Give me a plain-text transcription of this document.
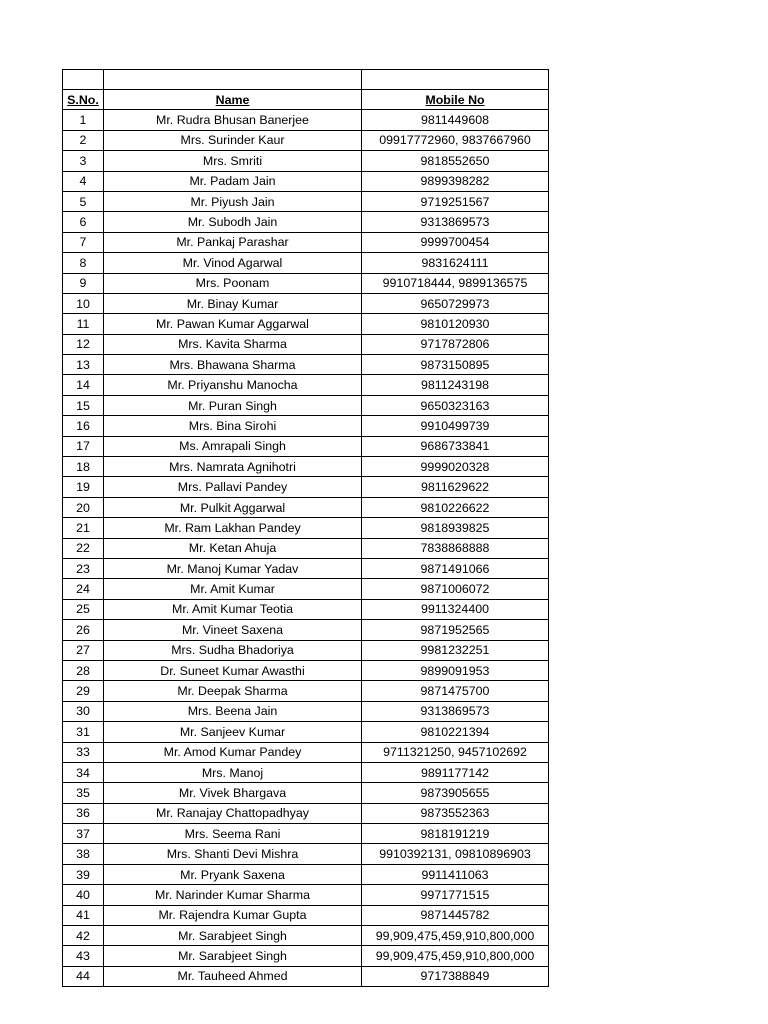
S.No.	Name	Mobile No
1	Mr. Rudra Bhusan Banerjee	9811449608
2	Mrs. Surinder Kaur	09917772960, 9837667960
3	Mrs. Smriti	9818552650
4	Mr. Padam Jain	9899398282
5	Mr. Piyush Jain	9719251567
6	Mr. Subodh Jain	9313869573
7	Mr. Pankaj Parashar	9999700454
8	Mr. Vinod Agarwal	9831624111
9	Mrs. Poonam	9910718444, 9899136575
10	Mr. Binay Kumar	9650729973
11	Mr. Pawan Kumar Aggarwal	9810120930
12	Mrs. Kavita Sharma	9717872806
13	Mrs. Bhawana Sharma	9873150895
14	Mr. Priyanshu Manocha	9811243198
15	Mr. Puran Singh	9650323163
16	Mrs. Bina Sirohi	9910499739
17	Ms. Amrapali Singh	9686733841
18	Mrs. Namrata Agnihotri	9999020328
19	Mrs. Pallavi Pandey	9811629622
20	Mr. Pulkit Aggarwal	9810226622
21	Mr. Ram Lakhan Pandey	9818939825
22	Mr. Ketan Ahuja	7838868888
23	Mr. Manoj Kumar Yadav	9871491066
24	Mr. Amit Kumar	9871006072
25	Mr. Amit Kumar Teotia	9911324400
26	Mr. Vineet Saxena	9871952565
27	Mrs. Sudha Bhadoriya	9981232251
28	Dr. Suneet Kumar Awasthi	9899091953
29	Mr. Deepak Sharma	9871475700
30	Mrs. Beena Jain	9313869573
31	Mr. Sanjeev Kumar	9810221394
33	Mr. Amod Kumar Pandey	9711321250, 9457102692
34	Mrs. Manoj	9891177142
35	Mr. Vivek Bhargava	9873905655
36	Mr. Ranajay Chattopadhyay	9873552363
37	Mrs. Seema Rani	9818191219
38	Mrs. Shanti Devi Mishra	9910392131, 09810896903
39	Mr. Pryank Saxena	9911411063
40	Mr. Narinder Kumar Sharma	9971771515
41	Mr. Rajendra Kumar Gupta	9871445782
42	Mr. Sarabjeet Singh	99,909,475,459,910,800,000
43	Mr. Sarabjeet Singh	99,909,475,459,910,800,000
44	Mr. Tauheed Ahmed	9717388849
